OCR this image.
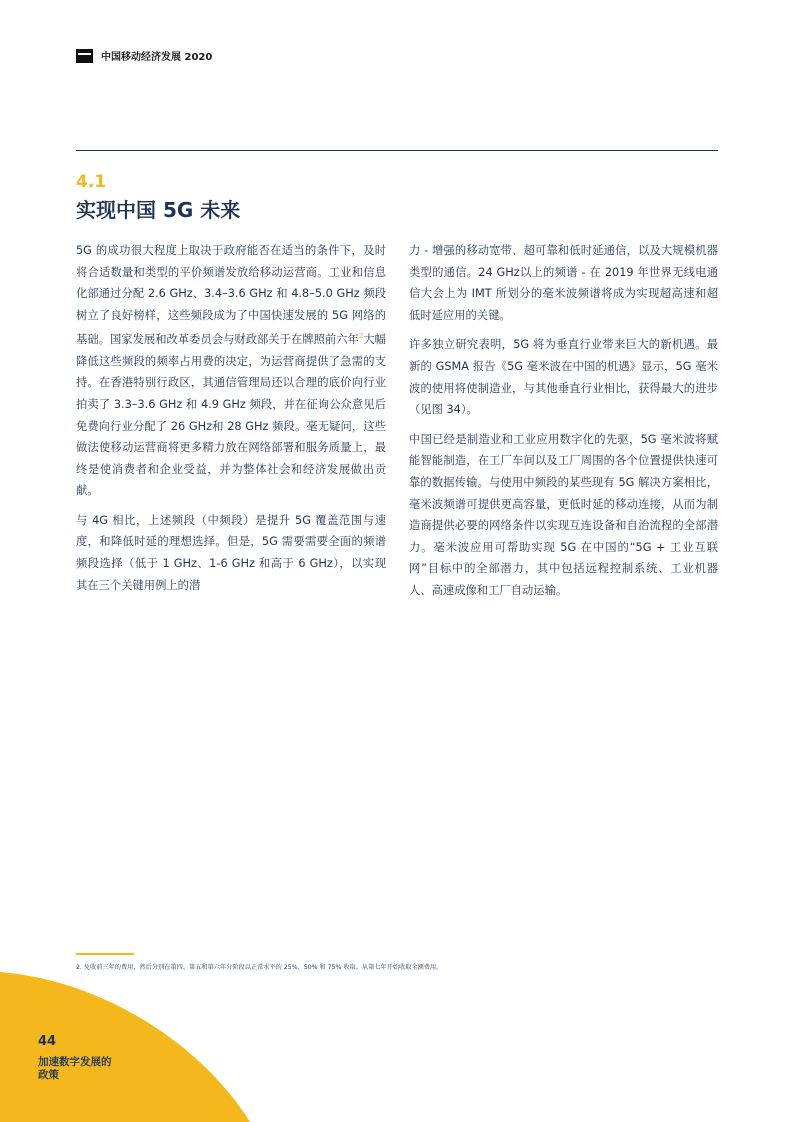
中国移动经济发展 2020
4.1
实现中国 5G 未来

5G 的成功很大程度上取决于政府能否在适当的条件下，及时将合适数量和类型的平价频谱发放给移动运营商。工业和信息化部通过分配 2.6 GHz、3.4–3.6 GHz 和 4.8–5.0 GHz 频段树立了良好榜样，这些频段成为了中国快速发展的 5G 网络的基础。国家发展和改革委员会与财政部关于在牌照前六年$^2$大幅降低这些频段的频率占用费的决定，为运营商提供了急需的支持。在香港特别行政区，其通信管理局还以合理的底价向行业拍卖了 3.3–3.6 GHz 和 4.9 GHz 频段，并在征询公众意见后免费向行业分配了 26 GHz和 28 GHz 频段。毫无疑问，这些做法使移动运营商将更多精力放在网络部署和服务质量上，最终是使消费者和企业受益，并为整体社会和经济发展做出贡献。

与 4G 相比，上述频段（中频段）是提升 5G 覆盖范围与速度，和降低时延的理想选择。但是，5G 需要需要全面的频谱频段选择（低于 1 GHz、1-6 GHz 和高于 6 GHz），以实现其在三个关键用例上的潜

力 - 增强的移动宽带、超可靠和低时延通信，以及大规模机器类型的通信。24 GHz以上的频谱 - 在 2019 年世界无线电通信大会上为 IMT 所划分的毫米波频谱将成为实现超高速和超低时延应用的关键。

许多独立研究表明，5G 将为垂直行业带来巨大的新机遇。最新的 GSMA 报告《5G 毫米波在中国的机遇》显示，5G 毫米波的使用将使制造业，与其他垂直行业相比，获得最大的进步（见图 34）。

中国已经是制造业和工业应用数字化的先驱，5G 毫米波将赋能智能制造，在工厂车间以及工厂周围的各个位置提供快速可靠的数据传输。与使用中频段的某些现有 5G 解决方案相比，毫米波频谱可提供更高容量，更低时延的移动连接，从而为制造商提供必要的网络条件以实现互连设备和自治流程的全部潜力。毫米波应用可帮助实现 5G 在中国的“5G + 工业互联网”目标中的全部潜力，其中包括远程控制系统、工业机器人、高速成像和工厂自动运输。

2. 免收前三年的费用，然后分别在第四、第五和第六年分阶段以正常水平的 25%、50% 和 75% 收取。从第七年开始收取全额费用。
44
加速数字发展的政策
